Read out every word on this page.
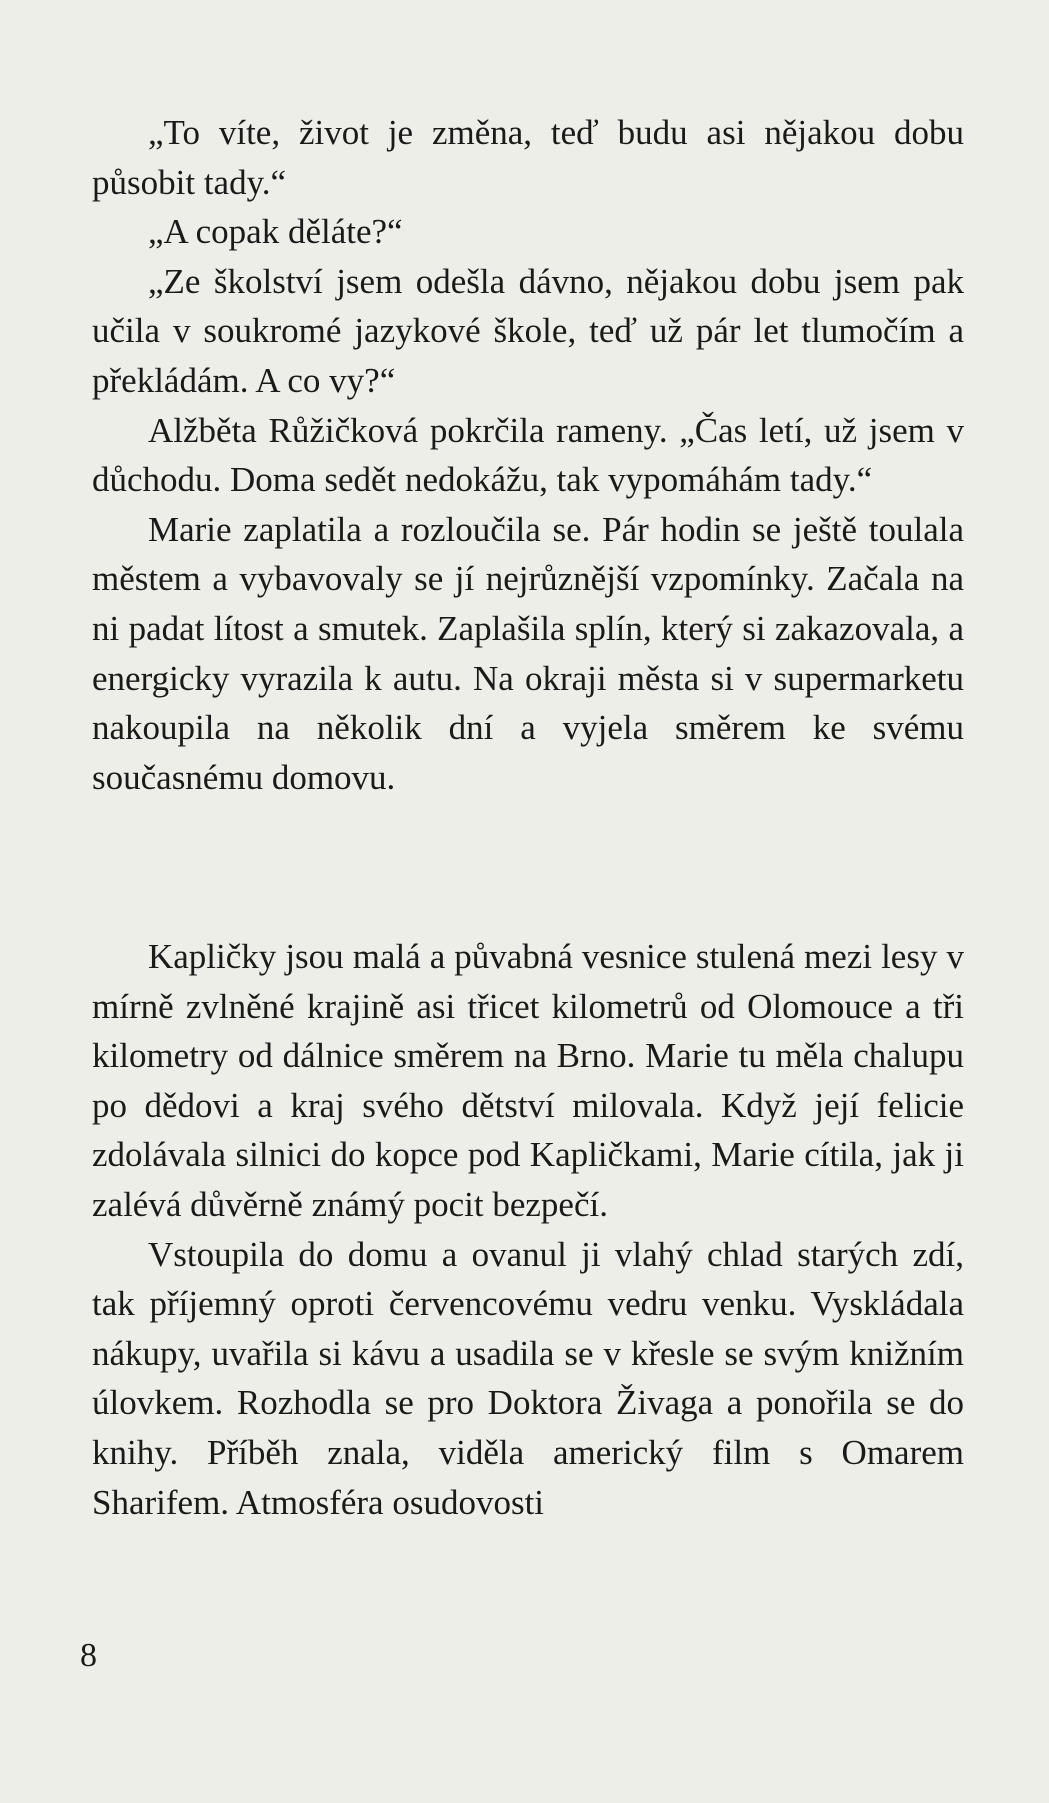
„To víte, život je změna, teď budu asi nějakou dobu působit tady.“

„A copak děláte?“

„Ze školství jsem odešla dávno, nějakou dobu jsem pak učila v soukromé jazykové škole, teď už pár let tlumočím a překládám. A co vy?“

Alžběta Růžičková pokrčila rameny. „Čas letí, už jsem v důchodu. Doma sedět nedokážu, tak vypomáhám tady.“

Marie zaplatila a rozloučila se. Pár hodin se ještě toulala městem a vybavovaly se jí nejrůznější vzpomínky. Začala na ni padat lítost a smutek. Zaplašila splín, který si zakazovala, a energicky vyrazila k autu. Na okraji města si v supermarketu nakoupila na několik dní a vyjela směrem ke svému současnému domovu.

Kapličky jsou malá a půvabná vesnice stulená mezi lesy v mírně zvlněné krajině asi třicet kilometrů od Olomouce a tři kilometry od dálnice směrem na Brno. Marie tu měla chalupu po dědovi a kraj svého dětství milovala. Když její felicie zdolávala silnici do kopce pod Kapličkami, Marie cítila, jak ji zalévá důvěrně známý pocit bezpečí.

Vstoupila do domu a ovanul ji vlahý chlad starých zdí, tak příjemný oproti červencovému vedru venku. Vyskládala nákupy, uvařila si kávu a usadila se v křesle se svým knižním úlovkem. Rozhodla se pro Doktora Živaga a ponořila se do knihy. Příběh znala, viděla americký film s Omarem Sharifem. Atmosféra osudovosti

8
